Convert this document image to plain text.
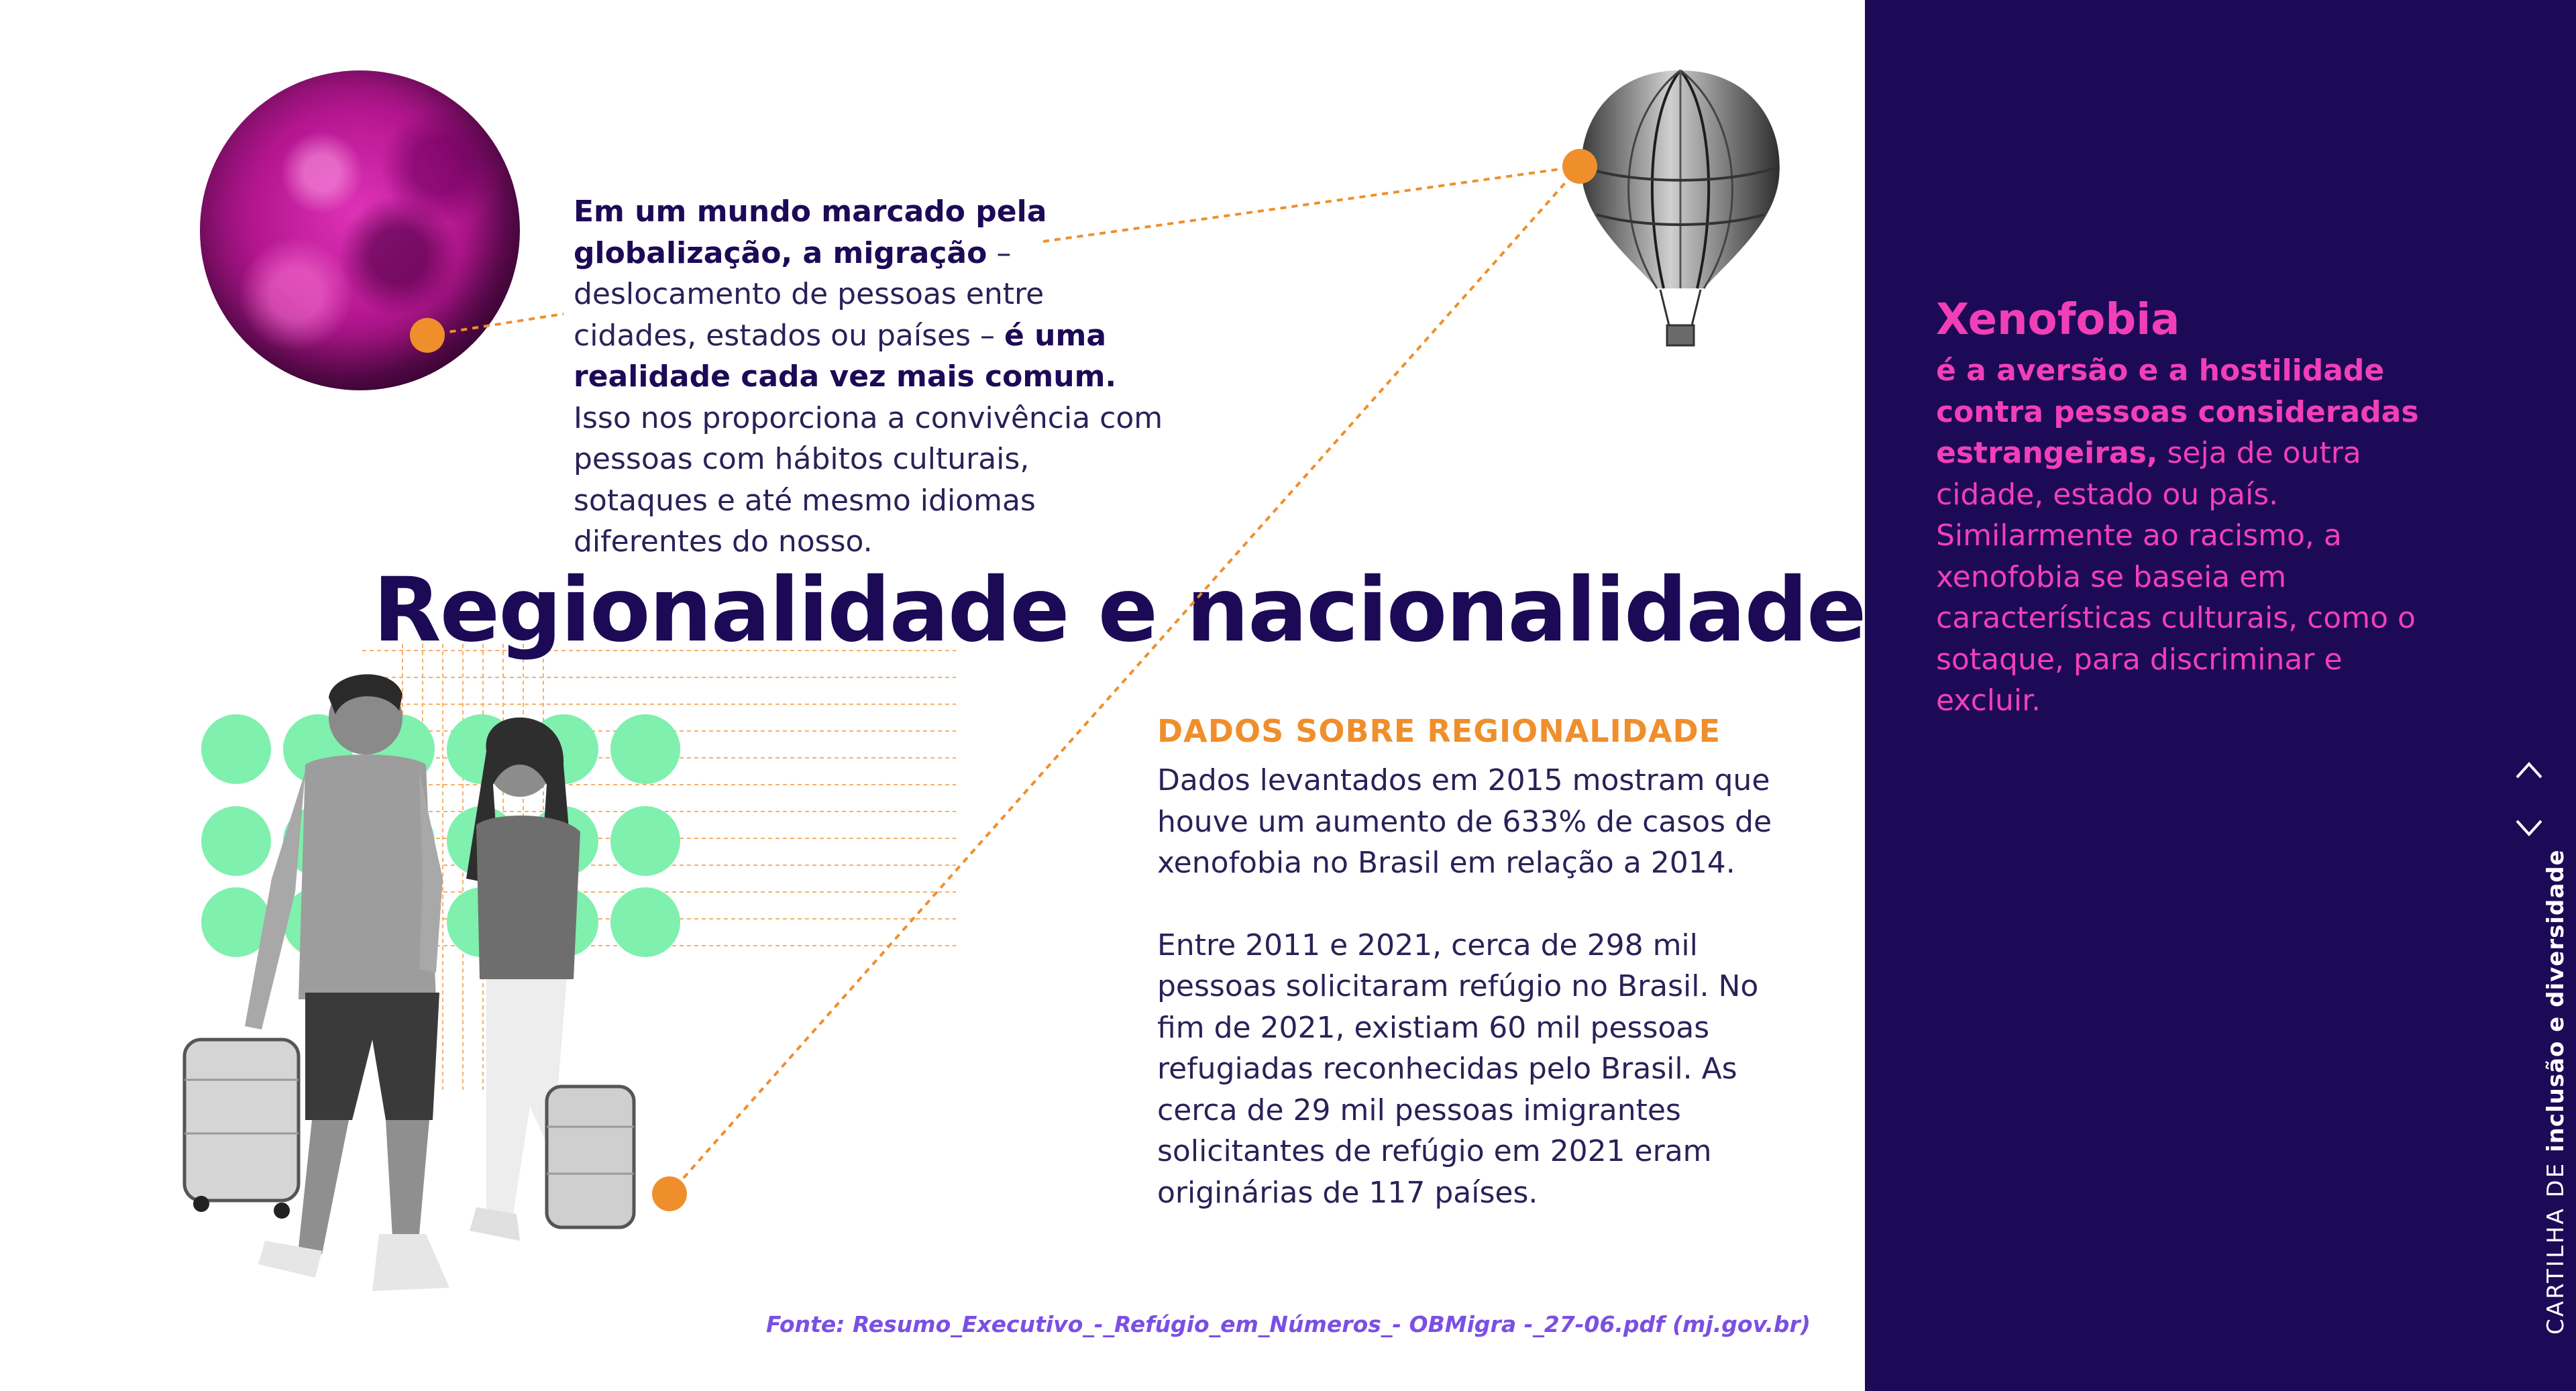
Em um mundo marcado pela globalização, a migração – deslocamento de pessoas entre cidades, estados ou países – é uma realidade cada vez mais comum. Isso nos proporciona a convivência com pessoas com hábitos culturais, sotaques e até mesmo idiomas diferentes do nosso.
Regionalidade e nacionalidade
DADOS SOBRE REGIONALIDADE

Dados levantados em 2015 mostram que houve um aumento de 633% de casos de xenofobia no Brasil em relação a 2014.

Entre 2011 e 2021, cerca de 298 mil pessoas solicitaram refúgio no Brasil. No fim de 2021, existiam 60 mil pessoas refugiadas reconhecidas pelo Brasil. As cerca de 29 mil pessoas imigrantes solicitantes de refúgio em 2021 eram originárias de 117 países.

Fonte: Resumo_Executivo_-_Refúgio_em_Números_- OBMigra -_27-06.pdf (mj.gov.br)
Xenofobia

é a aversão e a hostilidade contra pessoas consideradas estrangeiras, seja de outra cidade, estado ou país. Similarmente ao racismo, a xenofobia se baseia em características culturais, como o sotaque, para discriminar e excluir.

CARTILHA DE inclusão e diversidade
